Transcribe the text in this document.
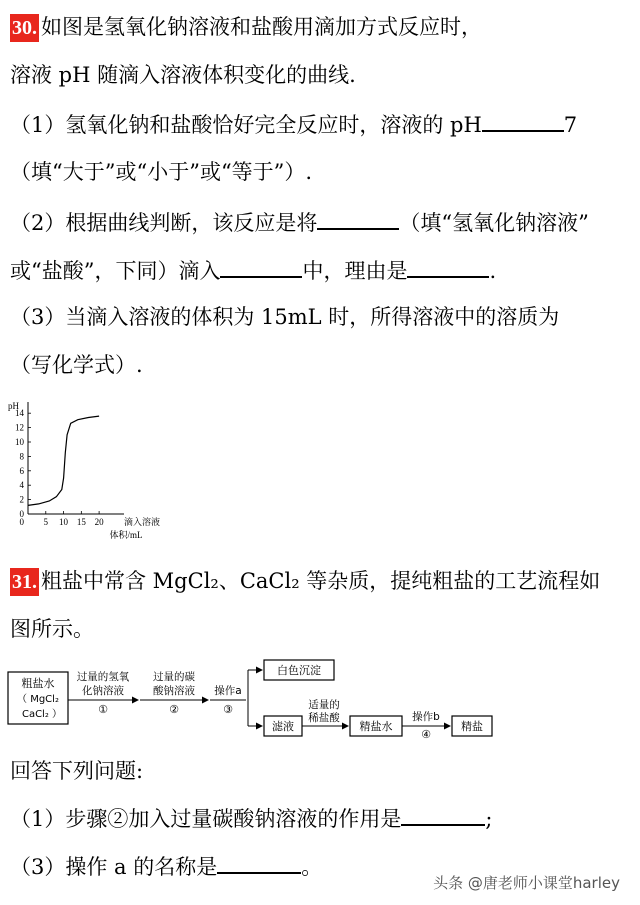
30. 如图是氢氧化钠溶液和盐酸用滴加方式反应时，
溶液 pH 随滴入溶液体积变化的曲线.
（1）氢氧化钠和盐酸恰好完全反应时，溶液的 pH	7
（填“大于”或“小于”或“等于”）.
（2）根据曲线判断，该反应是将	（填“氢氧化钠溶液”
或“盐酸”，下同）滴入	中，理由是	.
（3）当滴入溶液的体积为 15mL 时，所得溶液中的溶质为
（写化学式）.
pH
14
12
10
8
6
4
2
0
5 10 15 20
0	滴入溶液
体积/mL
31. 粗盐中常含 MgCl₂、CaCl₂ 等杂质，提纯粗盐的工艺流程如
图所示。
粗盐水
（ MgCl₂
CaCl₂ ）
过量的氢氧
化钠溶液
①
过量的碳
酸钠溶液
②
操作a
③
白色沉淀
滤液
适量的
稀盐酸
精盐水
操作b
④
精盐
回答下列问题:
（1）步骤②加入过量碳酸钠溶液的作用是	;
（3）操作 a 的名称是	。
头条 @唐老师小课堂harley
